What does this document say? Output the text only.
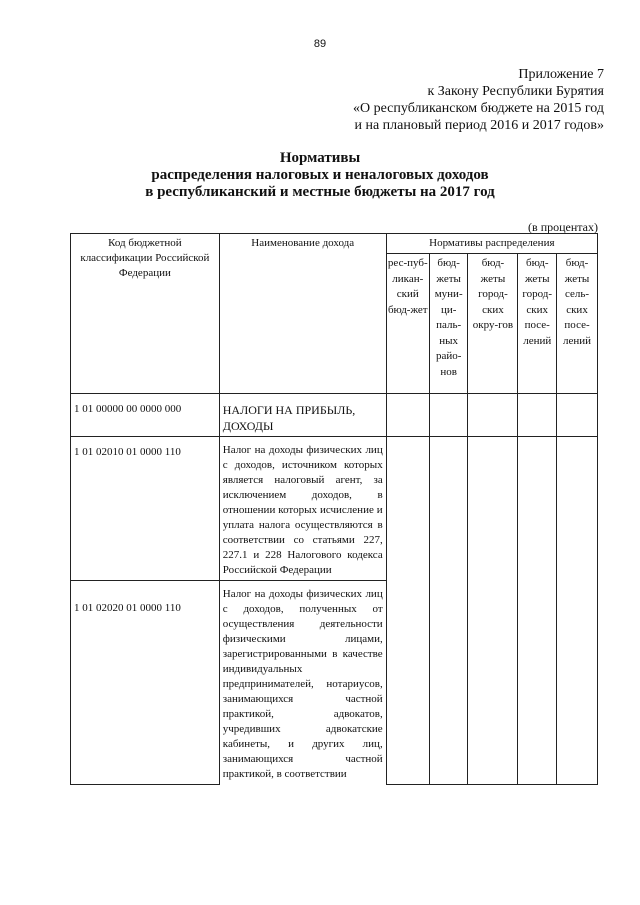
89
Приложение 7
к Закону Республики Бурятия
«О республиканском бюджете на 2015 год
и на плановый период 2016 и 2017 годов»
Нормативы
распределения налоговых и неналоговых доходов
в республиканский и местные бюджеты на 2017 год
(в процентах)
Код бюджетной классификации Российской Федерации	Наименование дохода	Нормативы распределения				
		рес-пуб-ликан-ский бюд-жет	бюд-жеты муни-ци-паль-ных райо-нов	бюд-жеты город-ских окру-гов	бюд-жеты город-ских посе-лений	бюд-жеты сель-ских посе-лений
1 01 00000 00 0000 000	НАЛОГИ НА ПРИБЫЛЬ, ДОХОДЫ					
1 01 02010 01 0000 110	Налог на доходы физических лиц с доходов, источником которых является налоговый агент, за исключением доходов, в отношении которых исчисление и уплата налога осуществляются в соответствии со статьями 227, 227.1 и 228 Налогового кодекса Российской Федерации					
1 01 02020 01 0000 110	Налог на доходы физических лиц с доходов, полученных от осуществления деятельности физическими лицами, зарегистрированными в качестве индивидуальных предпринимателей, нотариусов, занимающихся частной практикой, адвокатов, учредивших адвокатские кабинеты, и других лиц, занимающихся частной практикой, в соответствии					
